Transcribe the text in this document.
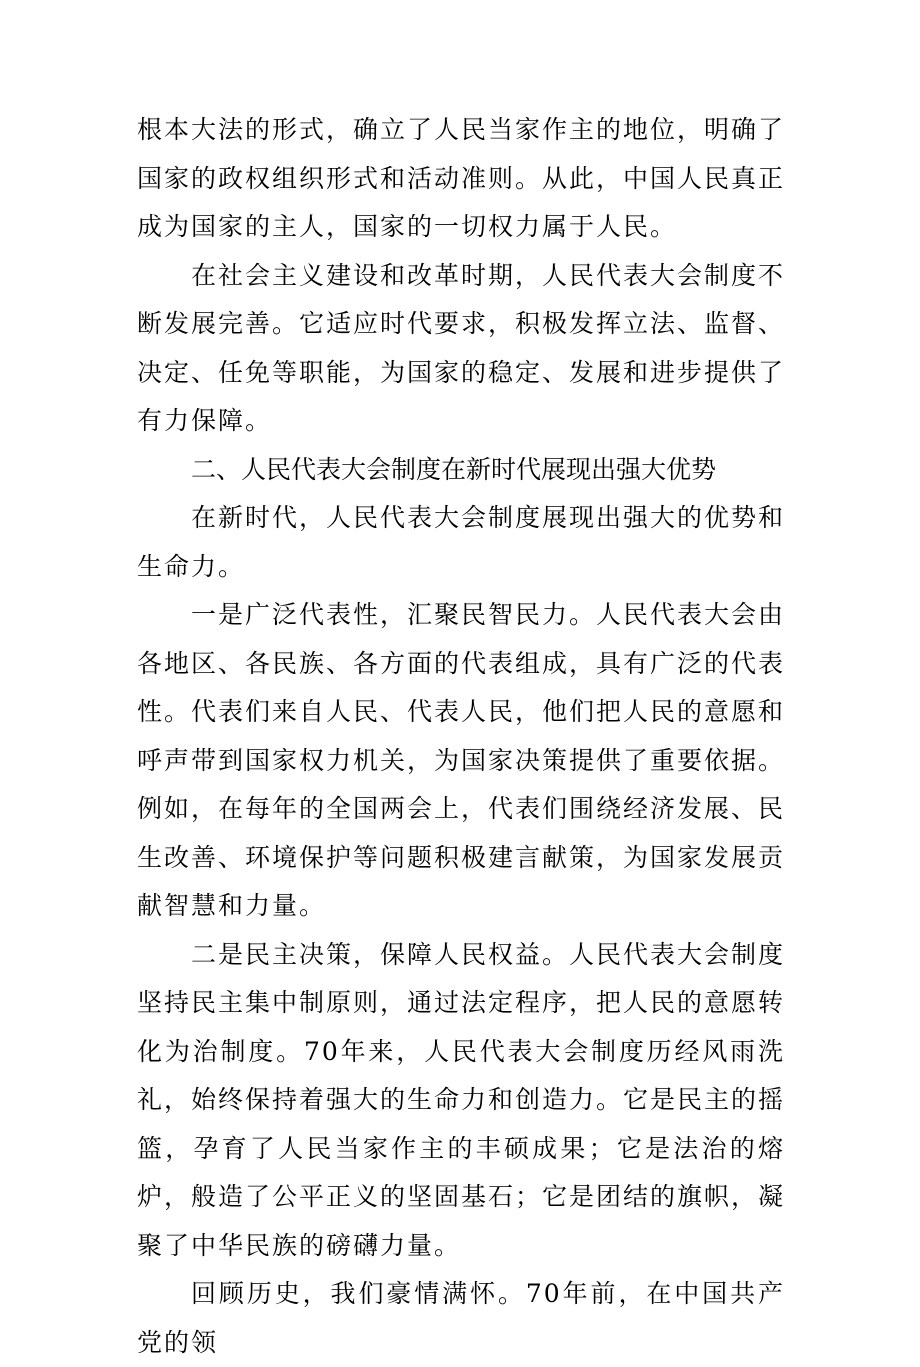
根本大法的形式，确立了人民当家作主的地位，明确了国家的政权组织形式和活动准则。从此，中国人民真正成为国家的主人，国家的一切权力属于人民。

在社会主义建设和改革时期，人民代表大会制度不断发展完善。它适应时代要求，积极发挥立法、监督、决定、任免等职能，为国家的稳定、发展和进步提供了有力保障。

二、人民代表大会制度在新时代展现出强大优势

在新时代，人民代表大会制度展现出强大的优势和生命力。

一是广泛代表性，汇聚民智民力。人民代表大会由各地区、各民族、各方面的代表组成，具有广泛的代表性。代表们来自人民、代表人民，他们把人民的意愿和呼声带到国家权力机关，为国家决策提供了重要依据。例如，在每年的全国两会上，代表们围绕经济发展、民生改善、环境保护等问题积极建言献策，为国家发展贡献智慧和力量。

二是民主决策，保障人民权益。人民代表大会制度坚持民主集中制原则，通过法定程序，把人民的意愿转化为治制度。70年来，人民代表大会制度历经风雨洗礼，始终保持着强大的生命力和创造力。它是民主的摇篮，孕育了人民当家作主的丰硕成果；它是法治的熔炉，般造了公平正义的坚固基石；它是团结的旗帜，凝聚了中华民族的磅礴力量。

回顾历史，我们豪情满怀。70年前，在中国共产党的领
